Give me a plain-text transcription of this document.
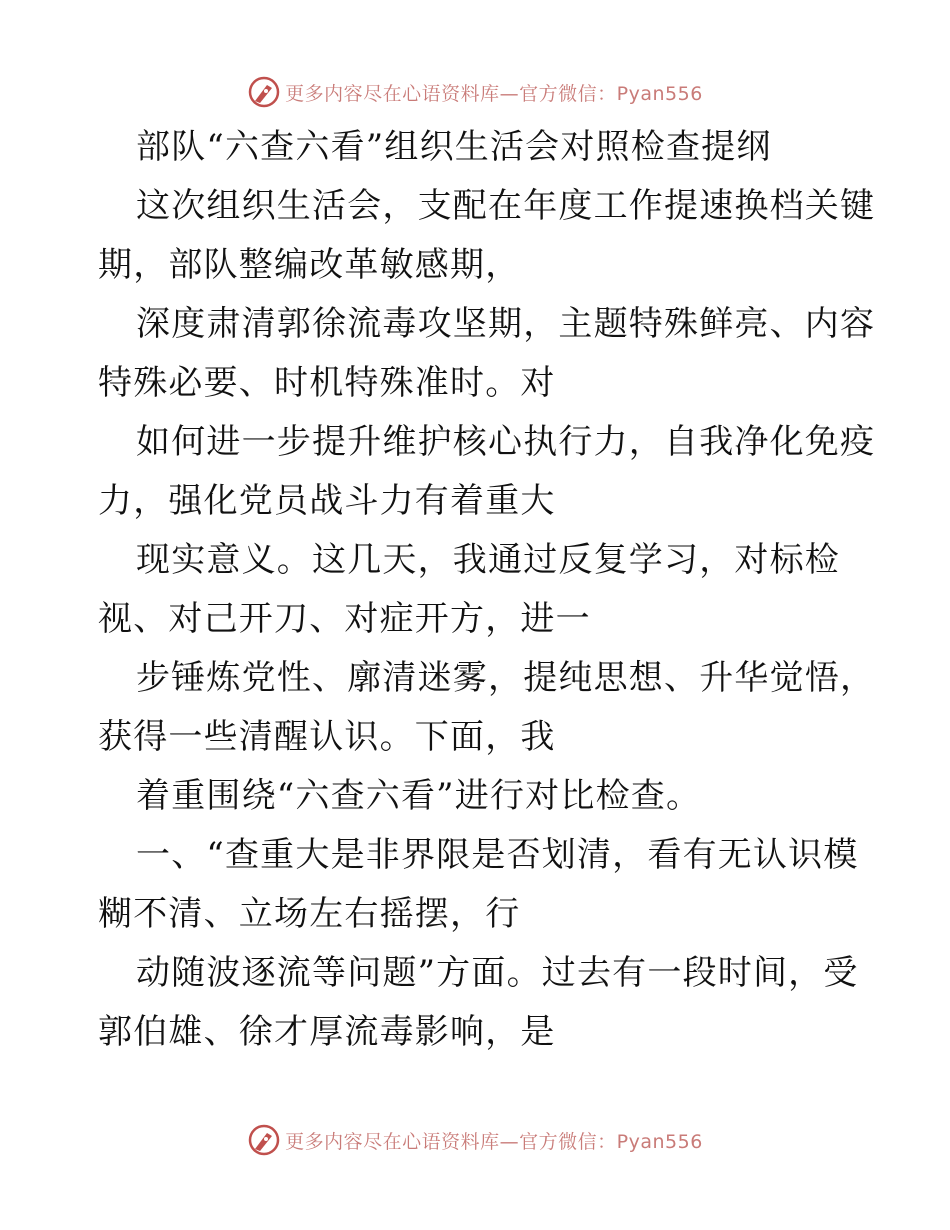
更多内容尽在心语资料库—官方微信：Pyan556
部队“六查六看”组织生活会对照检查提纲
这次组织生活会，支配在年度工作提速换档关键
期，部队整编改革敏感期，
深度肃清郭徐流毒攻坚期，主题特殊鲜亮、内容
特殊必要、时机特殊准时。对
如何进一步提升维护核心执行力，自我净化免疫
力，强化党员战斗力有着重大
现实意义。这几天，我通过反复学习，对标检
视、对己开刀、对症开方，进一
步锤炼党性、廓清迷雾，提纯思想、升华觉悟，
获得一些清醒认识。下面，我
着重围绕“六查六看”进行对比检查。
一、“查重大是非界限是否划清，看有无认识模
糊不清、立场左右摇摆，行
动随波逐流等问题”方面。过去有一段时间，受
郭伯雄、徐才厚流毒影响，是
更多内容尽在心语资料库—官方微信：Pyan556
